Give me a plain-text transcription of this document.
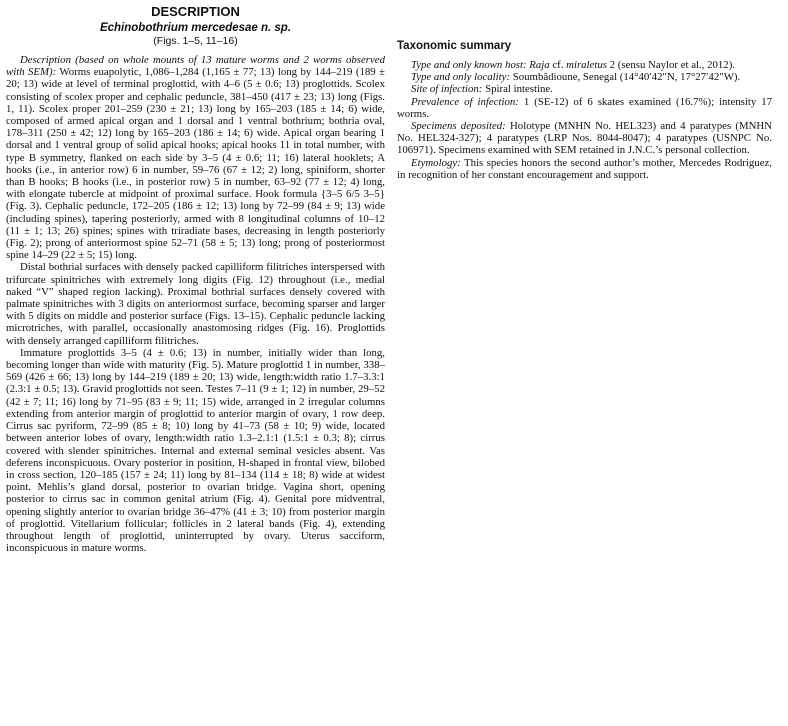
DESCRIPTION
Echinobothrium mercedesae n. sp.
(Figs. 1–5, 11–16)

Description (based on whole mounts of 13 mature worms and 2 worms observed with SEM): Worms euapolytic, 1,086–1,284 (1,165 ± 77; 13) long by 144–219 (189 ± 20; 13) wide at level of terminal proglottid, with 4–6 (5 ± 0.6; 13) proglottids. Scolex consisting of scolex proper and cephalic peduncle, 381–450 (417 ± 23; 13) long (Figs. 1, 11). Scolex proper 201–259 (230 ± 21; 13) long by 165–203 (185 ± 14; 6) wide, composed of armed apical organ and 1 dorsal and 1 ventral bothrium; bothria oval, 178–311 (250 ± 42; 12) long by 165–203 (186 ± 14; 6) wide. Apical organ bearing 1 dorsal and 1 ventral group of solid apical hooks; apical hooks 11 in total number, with type B symmetry, flanked on each side by 3–5 (4 ± 0.6; 11; 16) lateral hooklets; A hooks (i.e., in anterior row) 6 in number, 59–76 (67 ± 12; 2) long, spiniform, shorter than B hooks; B hooks (i.e., in posterior row) 5 in number, 63–92 (77 ± 12; 4) long, with elongate tubercle at midpoint of proximal surface. Hook formula {3–5 6/5 3–5} (Fig. 3). Cephalic peduncle, 172–205 (186 ± 12; 13) long by 72–99 (84 ± 9; 13) wide (including spines), tapering posteriorly, armed with 8 longitudinal columns of 10–12 (11 ± 1; 13; 26) spines; spines with triradiate bases, decreasing in length posteriorly (Fig. 2); prong of anteriormost spine 52–71 (58 ± 5; 13) long; prong of posteriormost spine 14–29 (22 ± 5; 15) long.

Distal bothrial surfaces with densely packed capilliform filitriches interspersed with trifurcate spinitriches with extremely long digits (Fig. 12) throughout (i.e., medial naked “V” shaped region lacking). Proximal bothrial surfaces densely covered with palmate spinitriches with 3 digits on anteriormost surface, becoming sparser and larger with 5 digits on middle and posterior surface (Figs. 13–15). Cephalic peduncle lacking microtriches, with parallel, occasionally anastomosing ridges (Fig. 16). Proglottids with densely arranged capilliform filitriches.

Immature proglottids 3–5 (4 ± 0.6; 13) in number, initially wider than long, becoming longer than wide with maturity (Fig. 5). Mature proglottid 1 in number, 338–569 (426 ± 66; 13) long by 144–219 (189 ± 20; 13) wide, length:width ratio 1.7–3.3:1 (2.3:1 ± 0.5; 13). Gravid proglottids not seen. Testes 7–11 (9 ± 1; 12) in number, 29–52 (42 ± 7; 11; 16) long by 71–95 (83 ± 9; 11; 15) wide, arranged in 2 irregular columns extending from anterior margin of proglottid to anterior margin of ovary, 1 row deep. Cirrus sac pyriform, 72–99 (85 ± 8; 10) long by 41–73 (58 ± 10; 9) wide, located between anterior lobes of ovary, length:width ratio 1.3–2.1:1 (1.5:1 ± 0.3; 8); cirrus covered with slender spinitriches. Internal and external seminal vesicles absent. Vas deferens inconspicuous. Ovary posterior in position, H-shaped in frontal view, bilobed in cross section, 120–185 (157 ± 24; 11) long by 81–134 (114 ± 18; 8) wide at widest point. Mehlis’s gland dorsal, posterior to ovarian bridge. Vagina short, opening posterior to cirrus sac in common genital atrium (Fig. 4). Genital pore midventral, opening slightly anterior to ovarian bridge 36–47% (41 ± 3; 10) from posterior margin of proglottid. Vitellarium follicular; follicles in 2 lateral bands (Fig. 4), extending throughout length of proglottid, uninterrupted by ovary. Uterus sacciform, inconspicuous in mature worms.

Taxonomic summary

Type and only known host: Raja cf. miraletus 2 (sensu Naylor et al., 2012).

Type and only locality: Soumbâdioune, Senegal (14°40′42″N, 17°27′42″W).

Site of infection: Spiral intestine.

Prevalence of infection: 1 (SE-12) of 6 skates examined (16.7%); intensity 17 worms.

Specimens deposited: Holotype (MNHN No. HEL323) and 4 paratypes (MNHN No. HEL324-327); 4 paratypes (LRP Nos. 8044-8047); 4 paratypes (USNPC No. 106971). Specimens examined with SEM retained in J.N.C.’s personal collection.

Etymology: This species honors the second author’s mother, Mercedes Rodriguez, in recognition of her constant encouragement and support.
